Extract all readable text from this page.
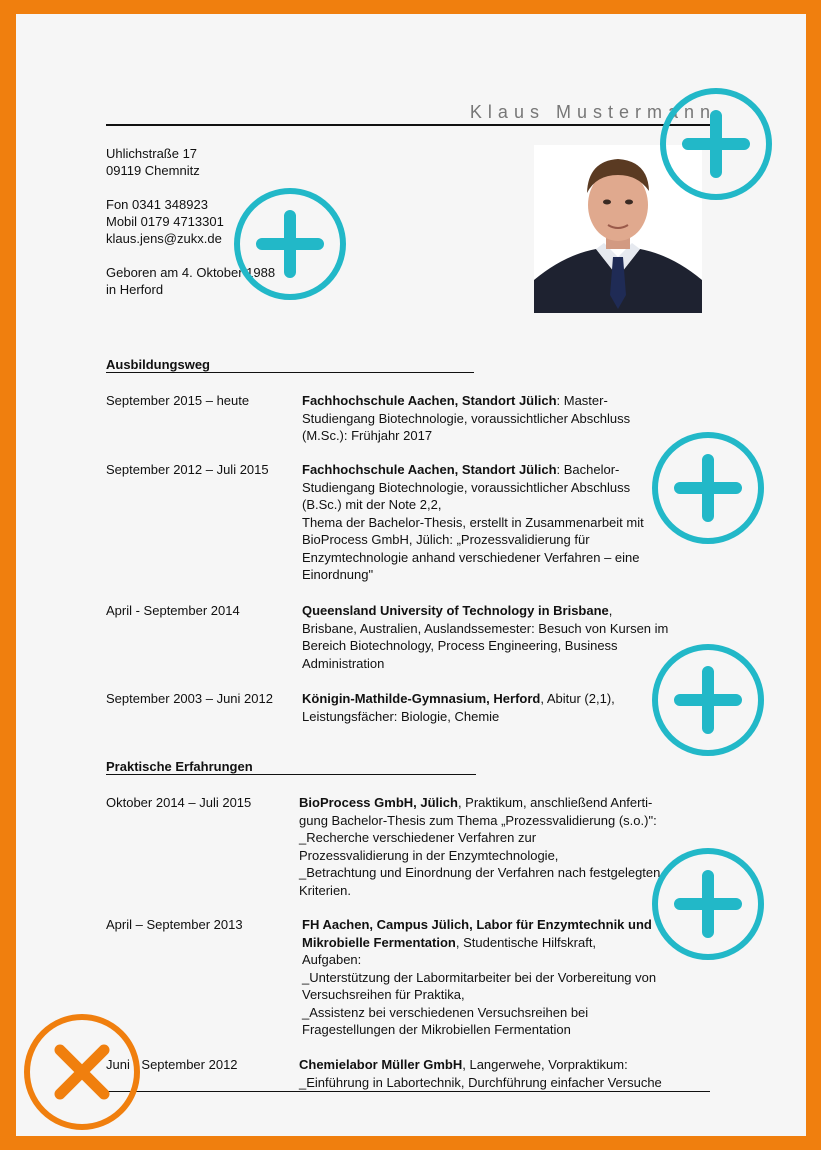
Klaus Mustermann
Uhlichstraße 17
09119 Chemnitz
Fon 0341 348923
Mobil 0179 4713301
klaus.jens@zukx.de
Geboren am 4. Oktober 1988
in Herford
Ausbildungsweg
September 2015 – heute	Fachhochschule Aachen, Standort Jülich: Master-
Studiengang Biotechnologie, voraussichtlicher Abschluss
(M.Sc.): Frühjahr 2017
September 2012 – Juli 2015	Fachhochschule Aachen, Standort Jülich: Bachelor-
Studiengang Biotechnologie, voraussichtlicher Abschluss
(B.Sc.) mit der Note 2,2,
Thema der Bachelor-Thesis, erstellt in Zusammenarbeit mit
BioProcess GmbH, Jülich: „Prozessvalidierung für
Enzymtechnologie anhand verschiedener Verfahren – eine
Einordnung"
April - September 2014	Queensland University of Technology in Brisbane,
Brisbane, Australien, Auslandssemester: Besuch von Kursen im
Bereich Biotechnology, Process Engineering, Business
Administration
September 2003 – Juni 2012	Königin-Mathilde-Gymnasium, Herford, Abitur (2,1),
Leistungsfächer: Biologie, Chemie
Praktische Erfahrungen
Oktober 2014 – Juli 2015	BioProcess GmbH, Jülich, Praktikum, anschließend Anferti-
gung Bachelor-Thesis zum Thema „Prozessvalidierung (s.o.)":
_Recherche verschiedener Verfahren zur
Prozessvalidierung in der Enzymtechnologie,
_Betrachtung und Einordnung der Verfahren nach festgelegten
Kriterien.
April – September 2013	FH Aachen, Campus Jülich, Labor für Enzymtechnik und
Mikrobielle Fermentation, Studentische Hilfskraft,
Aufgaben:
_Unterstützung der Labormitarbeiter bei der Vorbereitung von
Versuchsreihen für Praktika,
_Assistenz bei verschiedenen Versuchsreihen bei
Fragestellungen der Mikrobiellen Fermentation
Juni - September 2012	Chemielabor Müller GmbH, Langerwehe, Vorpraktikum:
_Einführung in Labortechnik, Durchführung einfacher Versuche
